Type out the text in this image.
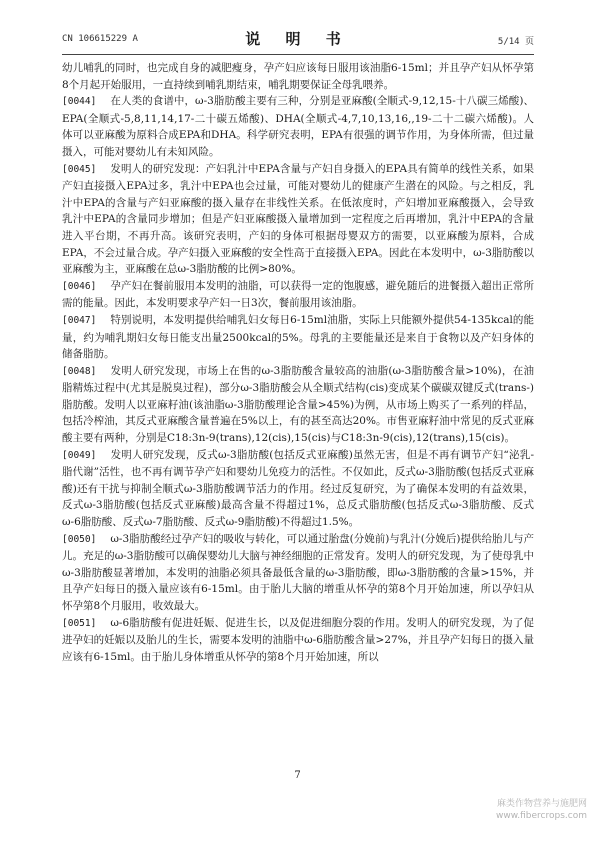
CN 106615229 A	说 明 书	5/14 页

幼儿哺乳的同时，也完成自身的减肥瘦身，孕产妇应该每日服用该油脂6-15ml；并且孕产妇从怀孕第8个月起开始服用，一直持续到哺乳期结束，哺乳期要保证全母乳喂养。

[0044] 在人类的食谱中，ω-3脂肪酸主要有三种，分别是亚麻酸(全顺式-9,12,15-十八碳三烯酸)、EPA(全顺式-5,8,11,14,17-二十碳五烯酸)、DHA(全顺式-4,7,10,13,16,,19-二十二碳六烯酸)。人体可以亚麻酸为原料合成EPA和DHA。科学研究表明，EPA有很强的调节作用，为身体所需，但过量摄入，可能对婴幼儿有未知风险。

[0045] 发明人的研究发现：产妇乳汁中EPA含量与产妇自身摄入的EPA具有简单的线性关系，如果产妇直接摄入EPA过多，乳汁中EPA也会过量，可能对婴幼儿的健康产生潜在的风险。与之相反，乳汁中EPA的含量与产妇亚麻酸的摄入量存在非线性关系。在低浓度时，产妇增加亚麻酸摄入，会导致乳汁中EPA的含量同步增加；但是产妇亚麻酸摄入量增加到一定程度之后再增加，乳汁中EPA的含量进入平台期，不再升高。该研究表明，产妇的身体可根据母婴双方的需要，以亚麻酸为原料，合成EPA，不会过量合成。孕产妇摄入亚麻酸的安全性高于直接摄入EPA。因此在本发明中，ω-3脂肪酸以亚麻酸为主，亚麻酸在总ω-3脂肪酸的比例>80%。

[0046] 孕产妇在餐前服用本发明的油脂，可以获得一定的饱腹感，避免随后的进餐摄入超出正常所需的能量。因此，本发明要求孕产妇一日3次，餐前服用该油脂。

[0047] 特别说明，本发明提供给哺乳妇女每日6-15ml油脂，实际上只能额外提供54-135kcal的能量，约为哺乳期妇女每日能支出量2500kcal的5%。母乳的主要能量还是来自于食物以及产妇身体的储备脂肪。

[0048] 发明人研究发现，市场上在售的ω-3脂肪酸含量较高的油脂(ω-3脂肪酸含量>10%)，在油脂精炼过程中(尤其是脱臭过程)，部分ω-3脂肪酸会从全顺式结构(cis)变成某个碳碳双键反式(trans-)脂肪酸。发明人以亚麻籽油(该油脂ω-3脂肪酸理论含量>45%)为例，从市场上购买了一系列的样品，包括冷榨油，其反式亚麻酸含量普遍在5%以上，有的甚至高达20%。市售亚麻籽油中常见的反式亚麻酸主要有两种，分别是C18:3n-9(trans),12(cis),15(cis)与C18:3n-9(cis),12(trans),15(cis)。

[0049] 发明人研究发现，反式ω-3脂肪酸(包括反式亚麻酸)虽然无害，但是不再有调节产妇“泌乳-脂代谢”活性，也不再有调节孕产妇和婴幼儿免疫力的活性。不仅如此，反式ω-3脂肪酸(包括反式亚麻酸)还有干扰与抑制全顺式ω-3脂肪酸调节活力的作用。经过反复研究，为了确保本发明的有益效果，反式ω-3脂肪酸(包括反式亚麻酸)最高含量不得超过1%，总反式脂肪酸(包括反式ω-3脂肪酸、反式ω-6脂肪酸、反式ω-7脂肪酸、反式ω-9脂肪酸)不得超过1.5%。

[0050] ω-3脂肪酸经过孕产妇的吸收与转化，可以通过胎盘(分娩前)与乳汁(分娩后)提供给胎儿与产儿。充足的ω-3脂肪酸可以确保婴幼儿大脑与神经细胞的正常发育。发明人的研究发现，为了使母乳中ω-3脂肪酸显著增加，本发明的油脂必须具备最低含量的ω-3脂肪酸，即ω-3脂肪酸的含量>15%，并且孕产妇每日的摄入量应该有6-15ml。由于胎儿大脑的增重从怀孕的第8个月开始加速，所以孕妇从怀孕第8个月服用，收效最大。

[0051] ω-6脂肪酸有促进妊娠、促进生长，以及促进细胞分裂的作用。发明人的研究发现，为了促进孕妇的妊娠以及胎儿的生长，需要本发明的油脂中ω-6脂肪酸含量>27%，并且孕产妇每日的摄入量应该有6-15ml。由于胎儿身体增重从怀孕的第8个月开始加速，所以

7
麻类作物营养与施肥网
www.fibercrops.com
